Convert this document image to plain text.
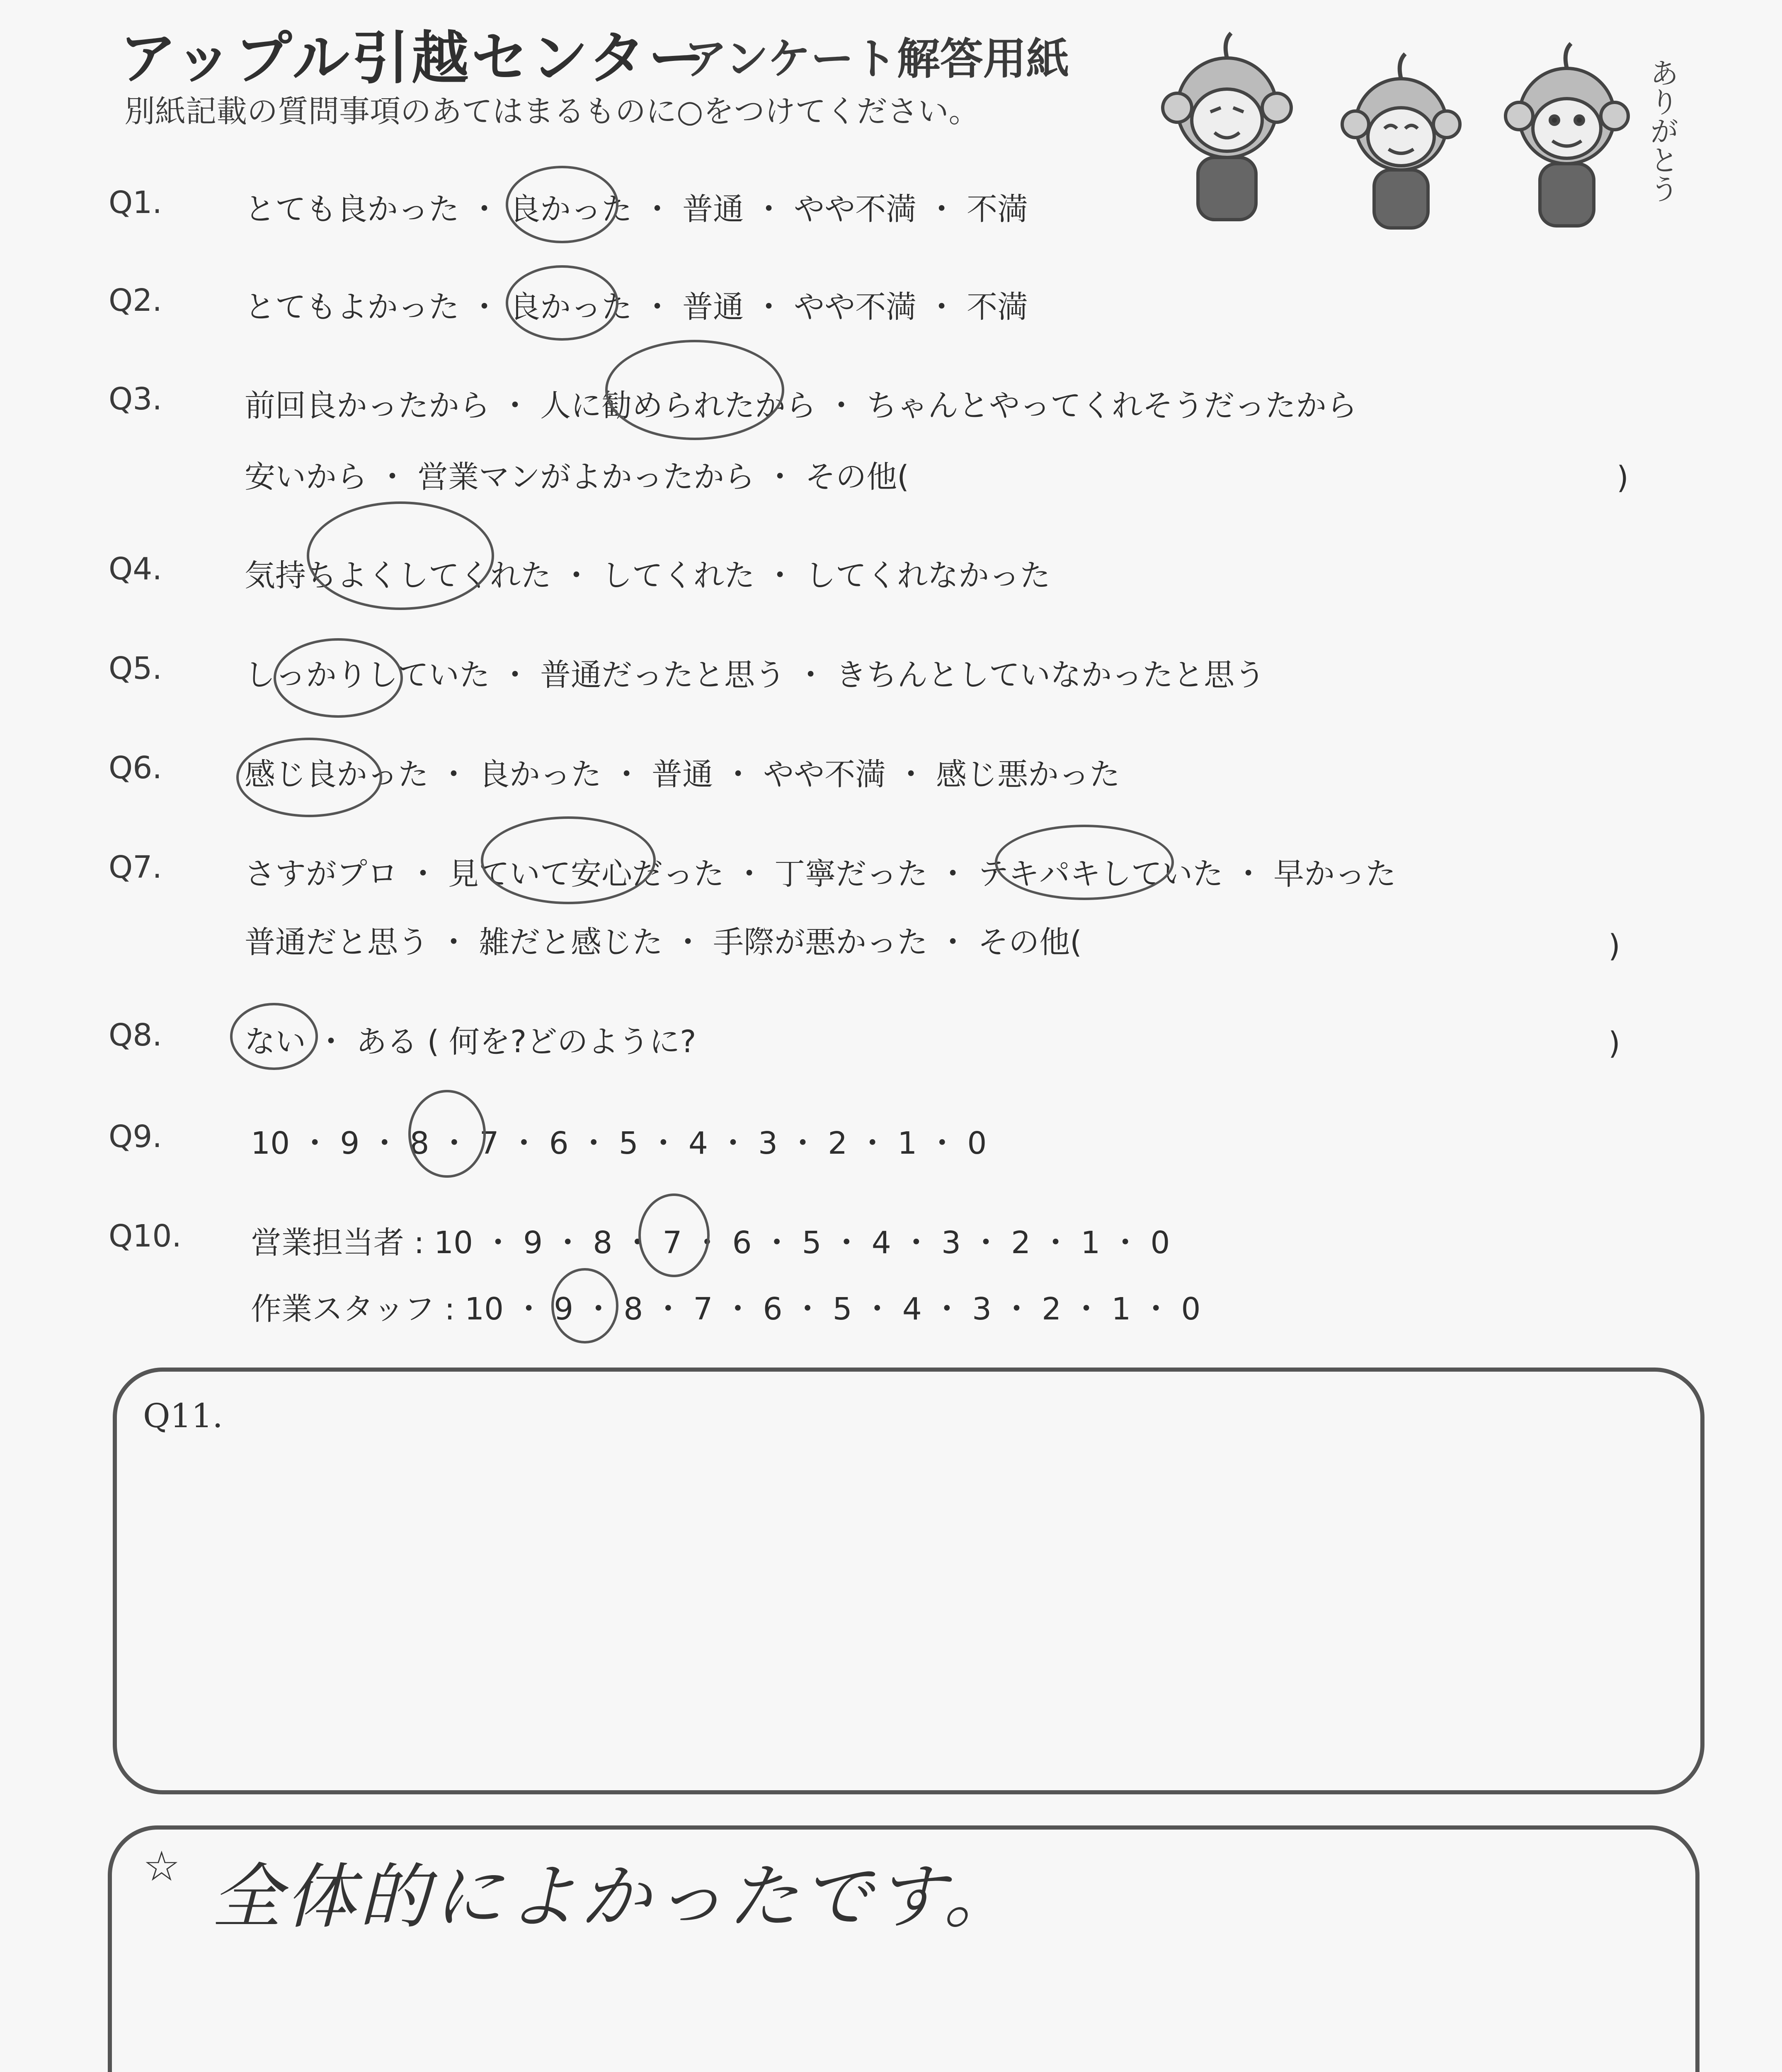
アップル引越センター
アンケート解答用紙
別紙記載の質問事項のあてはまるものに○をつけてください。	ありがとう
Q1.	とても良かった ・ 良かった ・ 普通 ・ やや不満 ・ 不満
Q2.	とてもよかった ・ 良かった ・ 普通 ・ やや不満 ・ 不満
Q3.	前回良かったから ・ 人に勧められたから ・ ちゃんとやってくれそうだったから
安いから ・ 営業マンがよかったから ・ その他(	)
Q4.	気持ちよくしてくれた ・ してくれた ・ してくれなかった
Q5.	しっかりしていた ・ 普通だったと思う ・ きちんとしていなかったと思う
Q6.	感じ良かった ・ 良かった ・ 普通 ・ やや不満 ・ 感じ悪かった
Q7.	さすがプロ ・ 見ていて安心だった ・ 丁寧だった ・ テキパキしていた ・ 早かった
普通だと思う ・ 雑だと感じた ・ 手際が悪かった ・ その他(	)
Q8.	ない ・ ある ( 何を?どのように?	)
Q9.	10 ・ 9 ・ 8 ・ 7 ・ 6 ・ 5 ・ 4 ・ 3 ・ 2 ・ 1 ・ 0
Q10. 営業担当者 : 10 ・ 9 ・ 8 ・ 7 ・ 6 ・ 5 ・ 4 ・ 3 ・ 2 ・ 1 ・ 0
作業スタッフ : 10 ・ 9 ・ 8 ・ 7 ・ 6 ・ 5 ・ 4 ・ 3 ・ 2 ・ 1 ・ 0
Q11.
☆ 全体的によかったです。
